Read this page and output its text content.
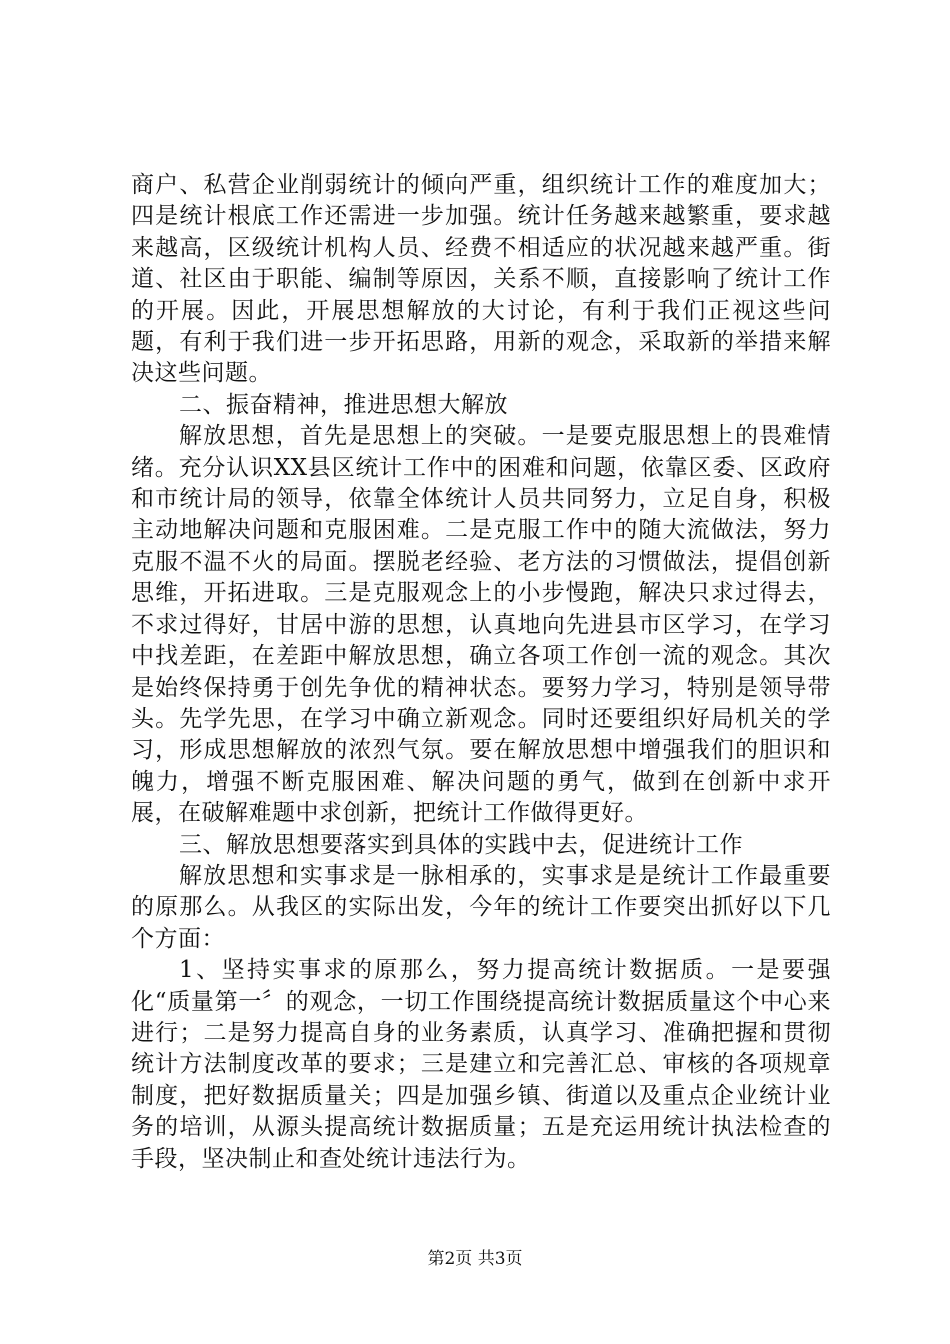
商户、私营企业削弱统计的倾向严重，组织统计工作的难度加大；四是统计根底工作还需进一步加强。统计任务越来越繁重，要求越来越高，区级统计机构人员、经费不相适应的状况越来越严重。街道、社区由于职能、编制等原因，关系不顺，直接影响了统计工作的开展。因此，开展思想解放的大讨论，有利于我们正视这些问题，有利于我们进一步开拓思路，用新的观念，采取新的举措来解决这些问题。

二、振奋精神，推进思想大解放

解放思想，首先是思想上的突破。一是要克服思想上的畏难情绪。充分认识XX县区统计工作中的困难和问题，依靠区委、区政府和市统计局的领导，依靠全体统计人员共同努力，立足自身，积极主动地解决问题和克服困难。二是克服工作中的随大流做法，努力克服不温不火的局面。摆脱老经验、老方法的习惯做法，提倡创新思维，开拓进取。三是克服观念上的小步慢跑，解决只求过得去，不求过得好，甘居中游的思想，认真地向先进县市区学习，在学习中找差距，在差距中解放思想，确立各项工作创一流的观念。其次是始终保持勇于创先争优的精神状态。要努力学习，特别是领导带头。先学先思，在学习中确立新观念。同时还要组织好局机关的学习，形成思想解放的浓烈气氛。要在解放思想中增强我们的胆识和魄力，增强不断克服困难、解决问题的勇气，做到在创新中求开展，在破解难题中求创新，把统计工作做得更好。

三、解放思想要落实到具体的实践中去，促进统计工作

解放思想和实事求是一脉相承的，实事求是是统计工作最重要的原那么。从我区的实际出发，今年的统计工作要突出抓好以下几个方面：

1、坚持实事求的原那么，努力提高统计数据质。一是要强化“质量第一〞的观念，一切工作围绕提高统计数据质量这个中心来进行；二是努力提高自身的业务素质，认真学习、准确把握和贯彻统计方法制度改革的要求；三是建立和完善汇总、审核的各项规章制度，把好数据质量关；四是加强乡镇、街道以及重点企业统计业务的培训，从源头提高统计数据质量；五是充运用统计执法检查的手段，坚决制止和查处统计违法行为。

第2页 共3页
